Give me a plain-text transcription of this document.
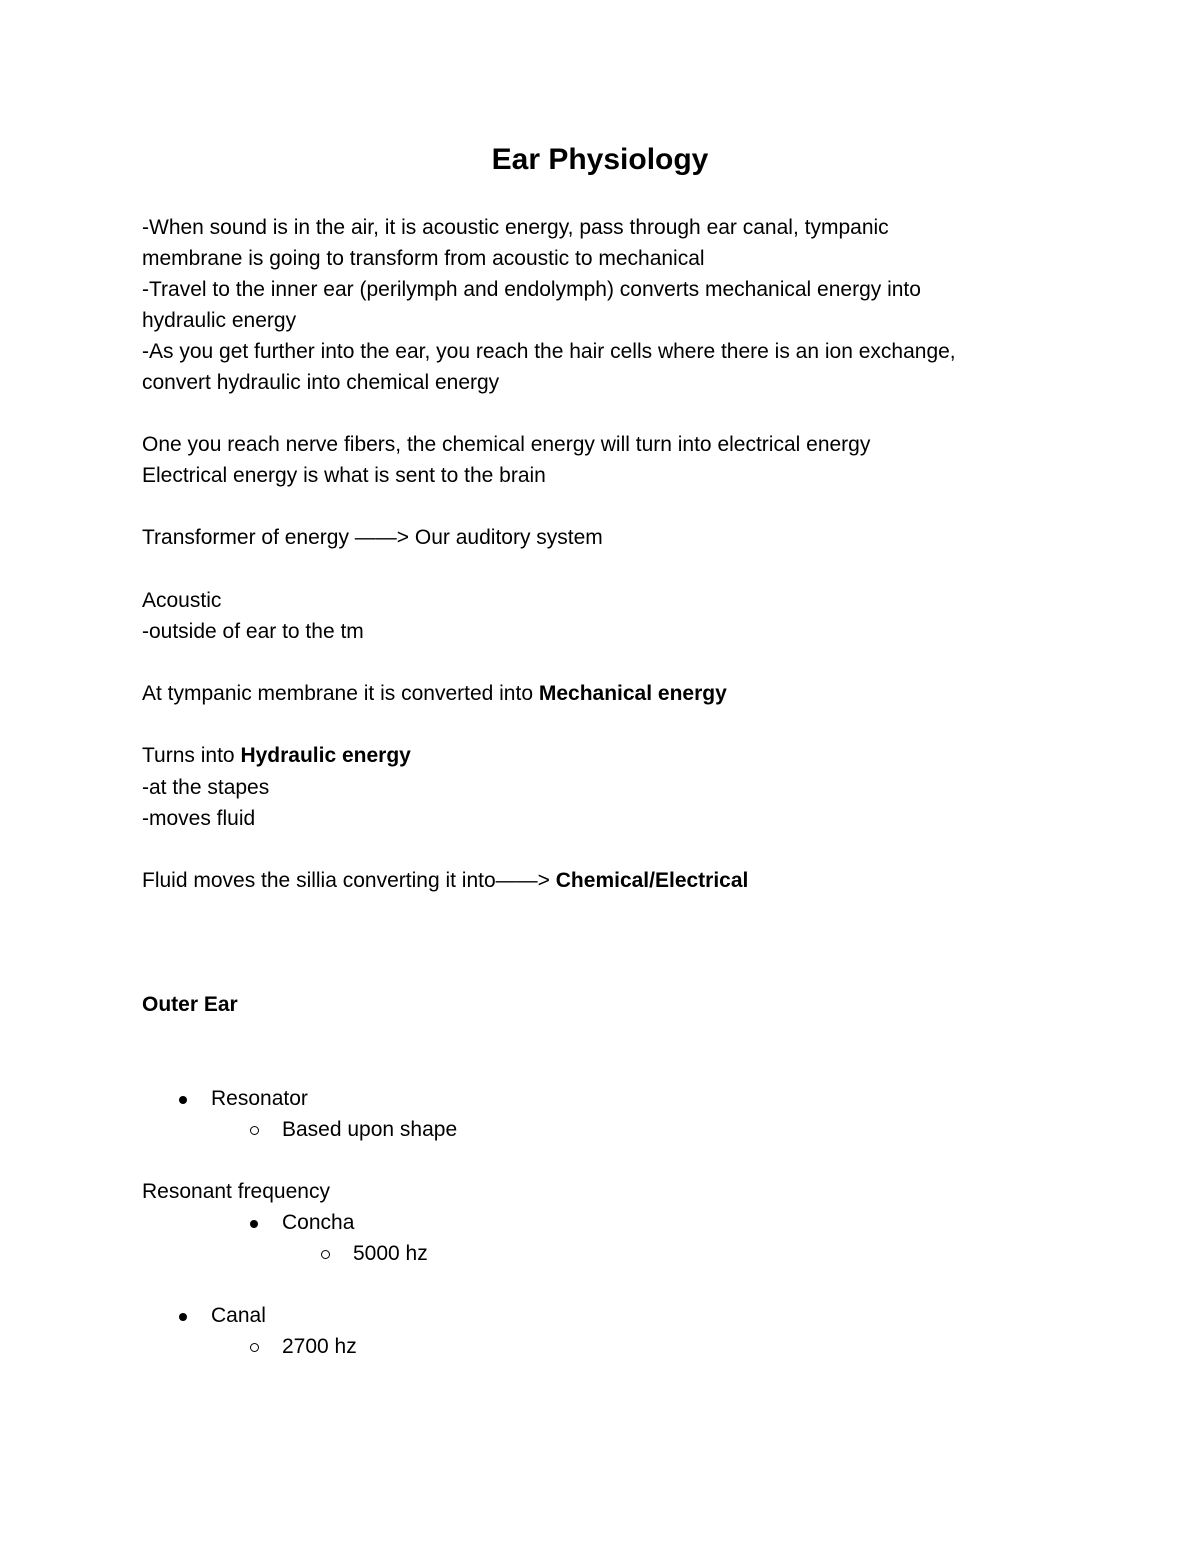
Ear Physiology

-When sound is in the air, it is acoustic energy, pass through ear canal, tympanic

membrane is going to transform from acoustic to mechanical

-Travel to the inner ear (perilymph and endolymph) converts mechanical energy into

hydraulic energy

-As you get further into the ear, you reach the hair cells where there is an ion exchange,

convert hydraulic into chemical energy

One you reach nerve fibers, the chemical energy will turn into electrical energy

Electrical energy is what is sent to the brain

Transformer of energy ——> Our auditory system

Acoustic

-outside of ear to the tm

At tympanic membrane it is converted into Mechanical energy

Turns into Hydraulic energy

-at the stapes

-moves fluid

Fluid moves the sillia converting it into——> Chemical/Electrical

Outer Ear

Resonator
Based upon shape

Resonant frequency

Concha
5000 hz
Canal
2700 hz
